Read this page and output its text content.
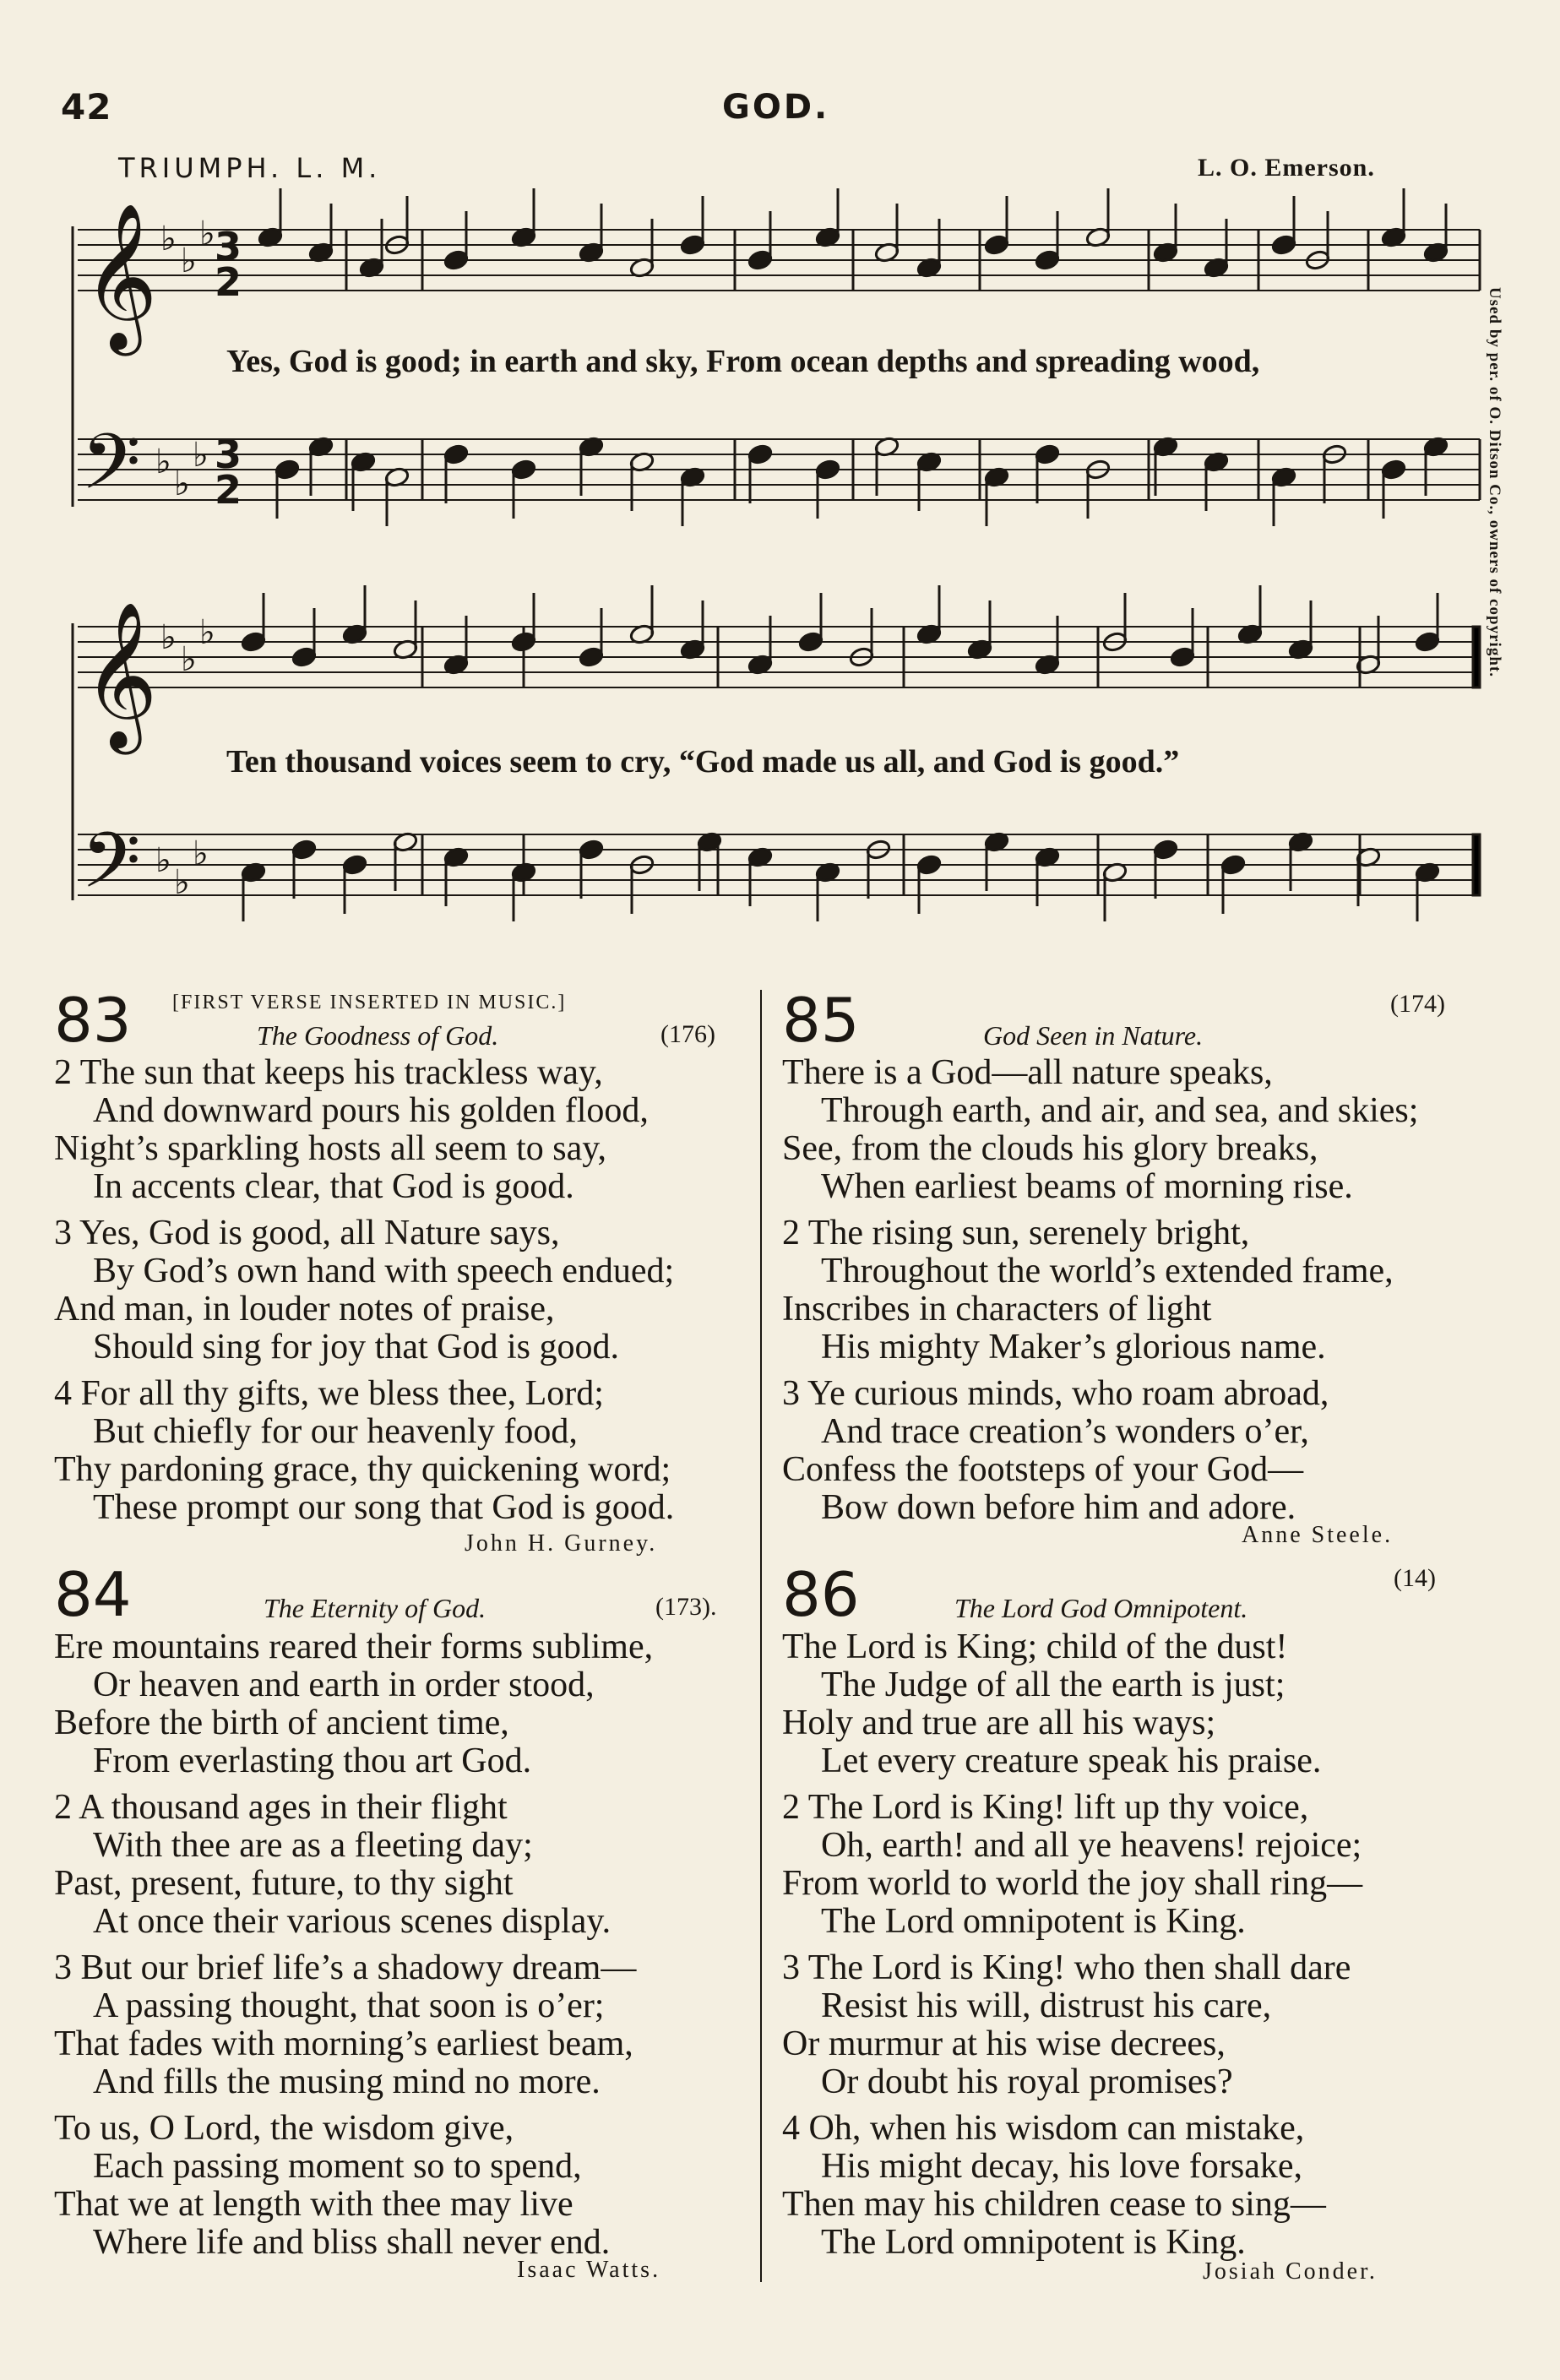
42	GOD.
TRIUMPH. L. M.	L. O. Emerson.
𝄞
𝄢
𝄞
𝄢
3
2
3
2
♭
♭
♭
♭
♭
♭
♭
♭
♭
♭
♭
♭
Yes, God is good; in earth and sky, From ocean depths and spreading wood,
Ten thousand voices seem to cry, “God made us all, and God is good.”
Used by per. of O. Ditson Co., owners of copyright.
83 [FIRST VERSE INSERTED IN MUSIC.]
The Goodness of God.	(176)
2 The sun that keeps his trackless way,
And downward pours his golden flood,
Night’s sparkling hosts all seem to say,
In accents clear, that God is good.
3 Yes, God is good, all Nature says,
By God’s own hand with speech endued;
And man, in louder notes of praise,
Should sing for joy that God is good.
4 For all thy gifts, we bless thee, Lord;
But chiefly for our heavenly food,
Thy pardoning grace, thy quickening word;
These prompt our song that God is good.
John H. Gurney.
84	The Eternity of God.	(173).
Ere mountains reared their forms sublime,
Or heaven and earth in order stood,
Before the birth of ancient time,
From everlasting thou art God.
2 A thousand ages in their flight
With thee are as a fleeting day;
Past, present, future, to thy sight
At once their various scenes display.
3 But our brief life’s a shadowy dream—
A passing thought, that soon is o’er;
That fades with morning’s earliest beam,
And fills the musing mind no more.
To us, O Lord, the wisdom give,
Each passing moment so to spend,
That we at length with thee may live
Where life and bliss shall never end.
Isaac Watts.
85	God Seen in Nature.
(174)
There is a God—all nature speaks,
Through earth, and air, and sea, and skies;
See, from the clouds his glory breaks,
When earliest beams of morning rise.
2 The rising sun, serenely bright,
Throughout the world’s extended frame,
Inscribes in characters of light
His mighty Maker’s glorious name.
3 Ye curious minds, who roam abroad,
And trace creation’s wonders o’er,
Confess the footsteps of your God—
Bow down before him and adore.
Anne Steele.
86	The Lord God Omnipotent.
(14)
The Lord is King; child of the dust!
The Judge of all the earth is just;
Holy and true are all his ways;
Let every creature speak his praise.
2 The Lord is King! lift up thy voice,
Oh, earth! and all ye heavens! rejoice;
From world to world the joy shall ring—
The Lord omnipotent is King.
3 The Lord is King! who then shall dare
Resist his will, distrust his care,
Or murmur at his wise decrees,
Or doubt his royal promises?
4 Oh, when his wisdom can mistake,
His might decay, his love forsake,
Then may his children cease to sing—
The Lord omnipotent is King.
Josiah Conder.
